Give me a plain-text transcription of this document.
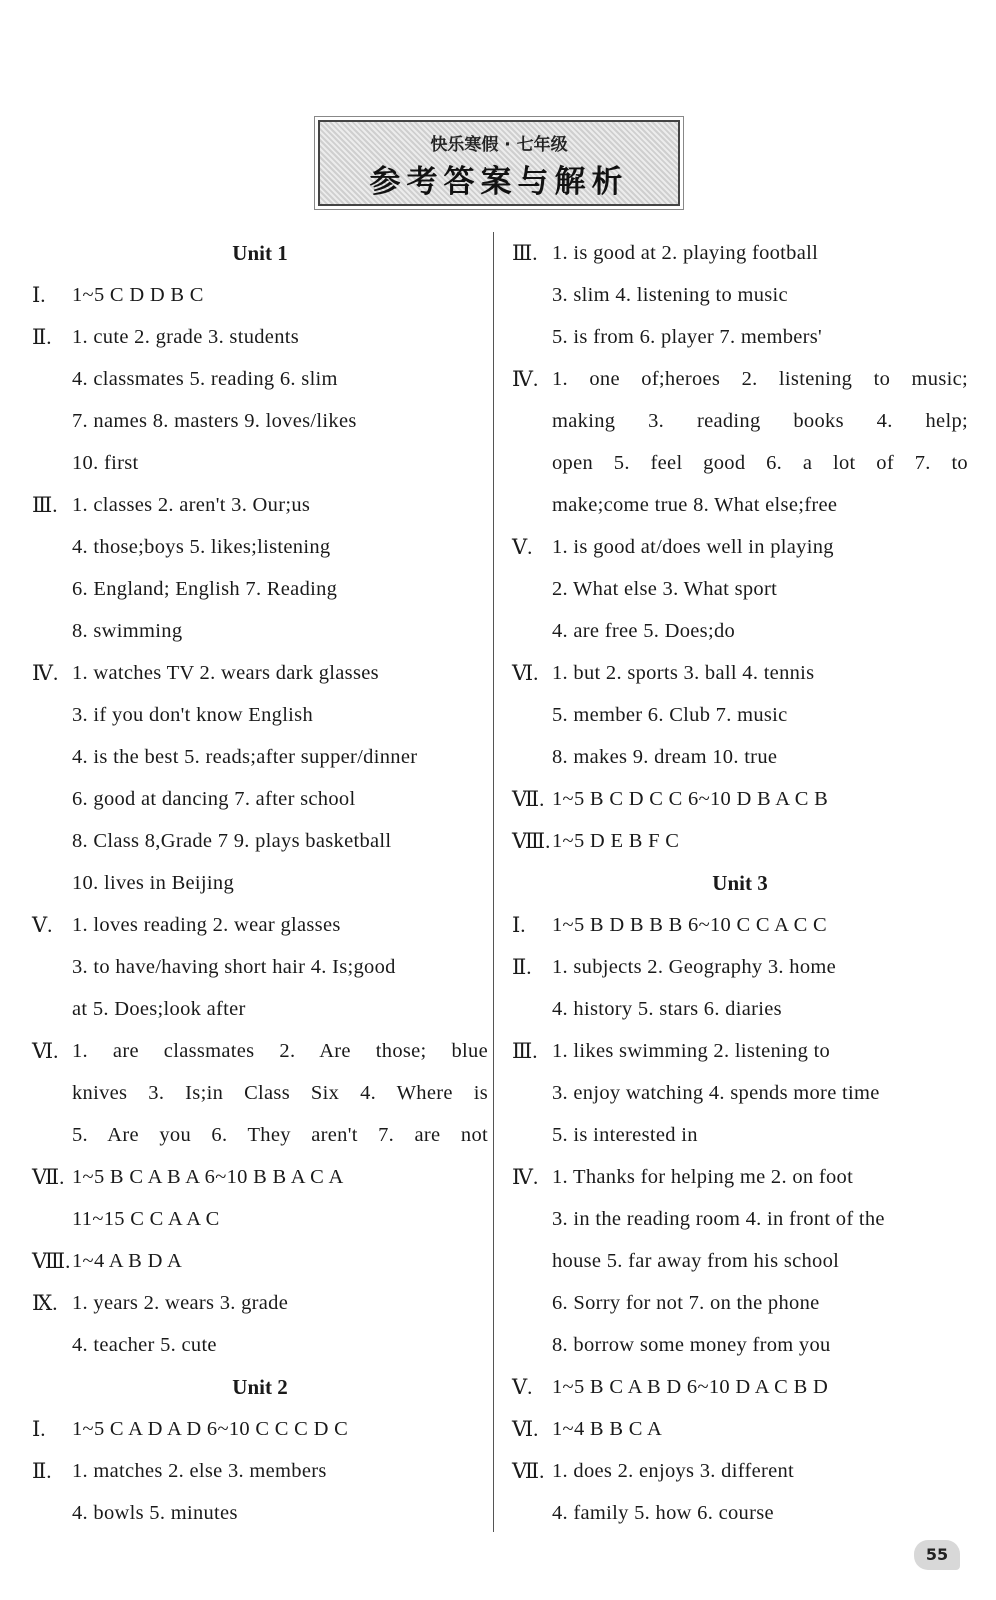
快乐寒假 · 七年级
参考答案与解析
Unit 1
Ⅰ. 1~5 C D D B C
Ⅱ. 1. cute 2. grade 3. students
4. classmates 5. reading 6. slim
7. names 8. masters 9. loves/likes
10. first
Ⅲ. 1. classes 2. aren't 3. Our;us
4. those;boys 5. likes;listening
6. England; English 7. Reading
8. swimming
Ⅳ. 1. watches TV 2. wears dark glasses
3. if you don't know English
4. is the best 5. reads;after supper/dinner
6. good at dancing 7. after school
8. Class 8,Grade 7 9. plays basketball
10. lives in Beijing
Ⅴ. 1. loves reading 2. wear glasses
3. to have/having short hair 4. Is;good
at 5. Does;look after
Ⅵ. 1. are classmates 2. Are those; blue
knives 3. Is;in Class Six 4. Where is
5. Are you 6. They aren't 7. are not
Ⅶ. 1~5 B C A B A 6~10 B B A C A
11~15 C C A A C
Ⅷ. 1~4 A B D A
Ⅸ. 1. years 2. wears 3. grade
4. teacher 5. cute
Unit 2
Ⅰ. 1~5 C A D A D 6~10 C C C D C
Ⅱ. 1. matches 2. else 3. members
4. bowls 5. minutes
Ⅲ. 1. is good at 2. playing football
3. slim 4. listening to music
5. is from 6. player 7. members'
Ⅳ. 1. one of;heroes 2. listening to music;
making 3. reading books 4. help;
open 5. feel good 6. a lot of 7. to
make;come true 8. What else;free
Ⅴ. 1. is good at/does well in playing
2. What else 3. What sport
4. are free 5. Does;do
Ⅵ. 1. but 2. sports 3. ball 4. tennis
5. member 6. Club 7. music
8. makes 9. dream 10. true
Ⅶ. 1~5 B C D C C 6~10 D B A C B
Ⅷ. 1~5 D E B F C
Unit 3
Ⅰ. 1~5 B D B B B 6~10 C C A C C
Ⅱ. 1. subjects 2. Geography 3. home
4. history 5. stars 6. diaries
Ⅲ. 1. likes swimming 2. listening to
3. enjoy watching 4. spends more time
5. is interested in
Ⅳ. 1. Thanks for helping me 2. on foot
3. in the reading room 4. in front of the
house 5. far away from his school
6. Sorry for not 7. on the phone
8. borrow some money from you
Ⅴ. 1~5 B C A B D 6~10 D A C B D
Ⅵ. 1~4 B B C A
Ⅶ. 1. does 2. enjoys 3. different
4. family 5. how 6. course
55
